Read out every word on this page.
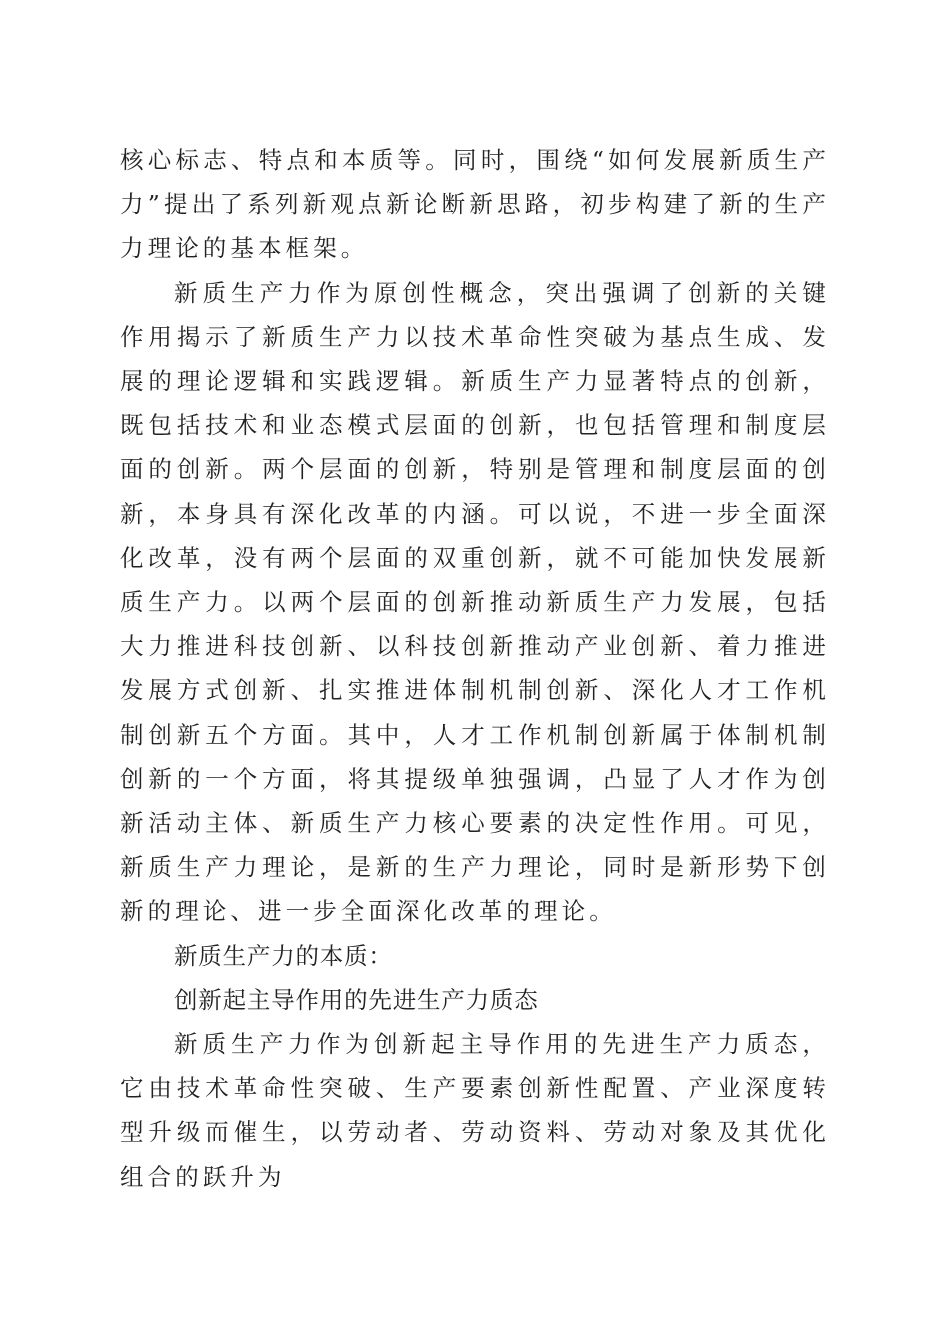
核心标志、特点和本质等。同时，围绕“如何发展新质生产力”提出了系列新观点新论断新思路，初步构建了新的生产力理论的基本框架。

新质生产力作为原创性概念，突出强调了创新的关键作用揭示了新质生产力以技术革命性突破为基点生成、发展的理论逻辑和实践逻辑。新质生产力显著特点的创新，既包括技术和业态模式层面的创新，也包括管理和制度层面的创新。两个层面的创新，特别是管理和制度层面的创新，本身具有深化改革的内涵。可以说，不进一步全面深化改革，没有两个层面的双重创新，就不可能加快发展新质生产力。以两个层面的创新推动新质生产力发展，包括大力推进科技创新、以科技创新推动产业创新、着力推进发展方式创新、扎实推进体制机制创新、深化人才工作机制创新五个方面。其中，人才工作机制创新属于体制机制创新的一个方面，将其提级单独强调，凸显了人才作为创新活动主体、新质生产力核心要素的决定性作用。可见，新质生产力理论，是新的生产力理论，同时是新形势下创新的理论、进一步全面深化改革的理论。

新质生产力的本质：

创新起主导作用的先进生产力质态

新质生产力作为创新起主导作用的先进生产力质态，它由技术革命性突破、生产要素创新性配置、产业深度转型升级而催生，以劳动者、劳动资料、劳动对象及其优化组合的跃升为
